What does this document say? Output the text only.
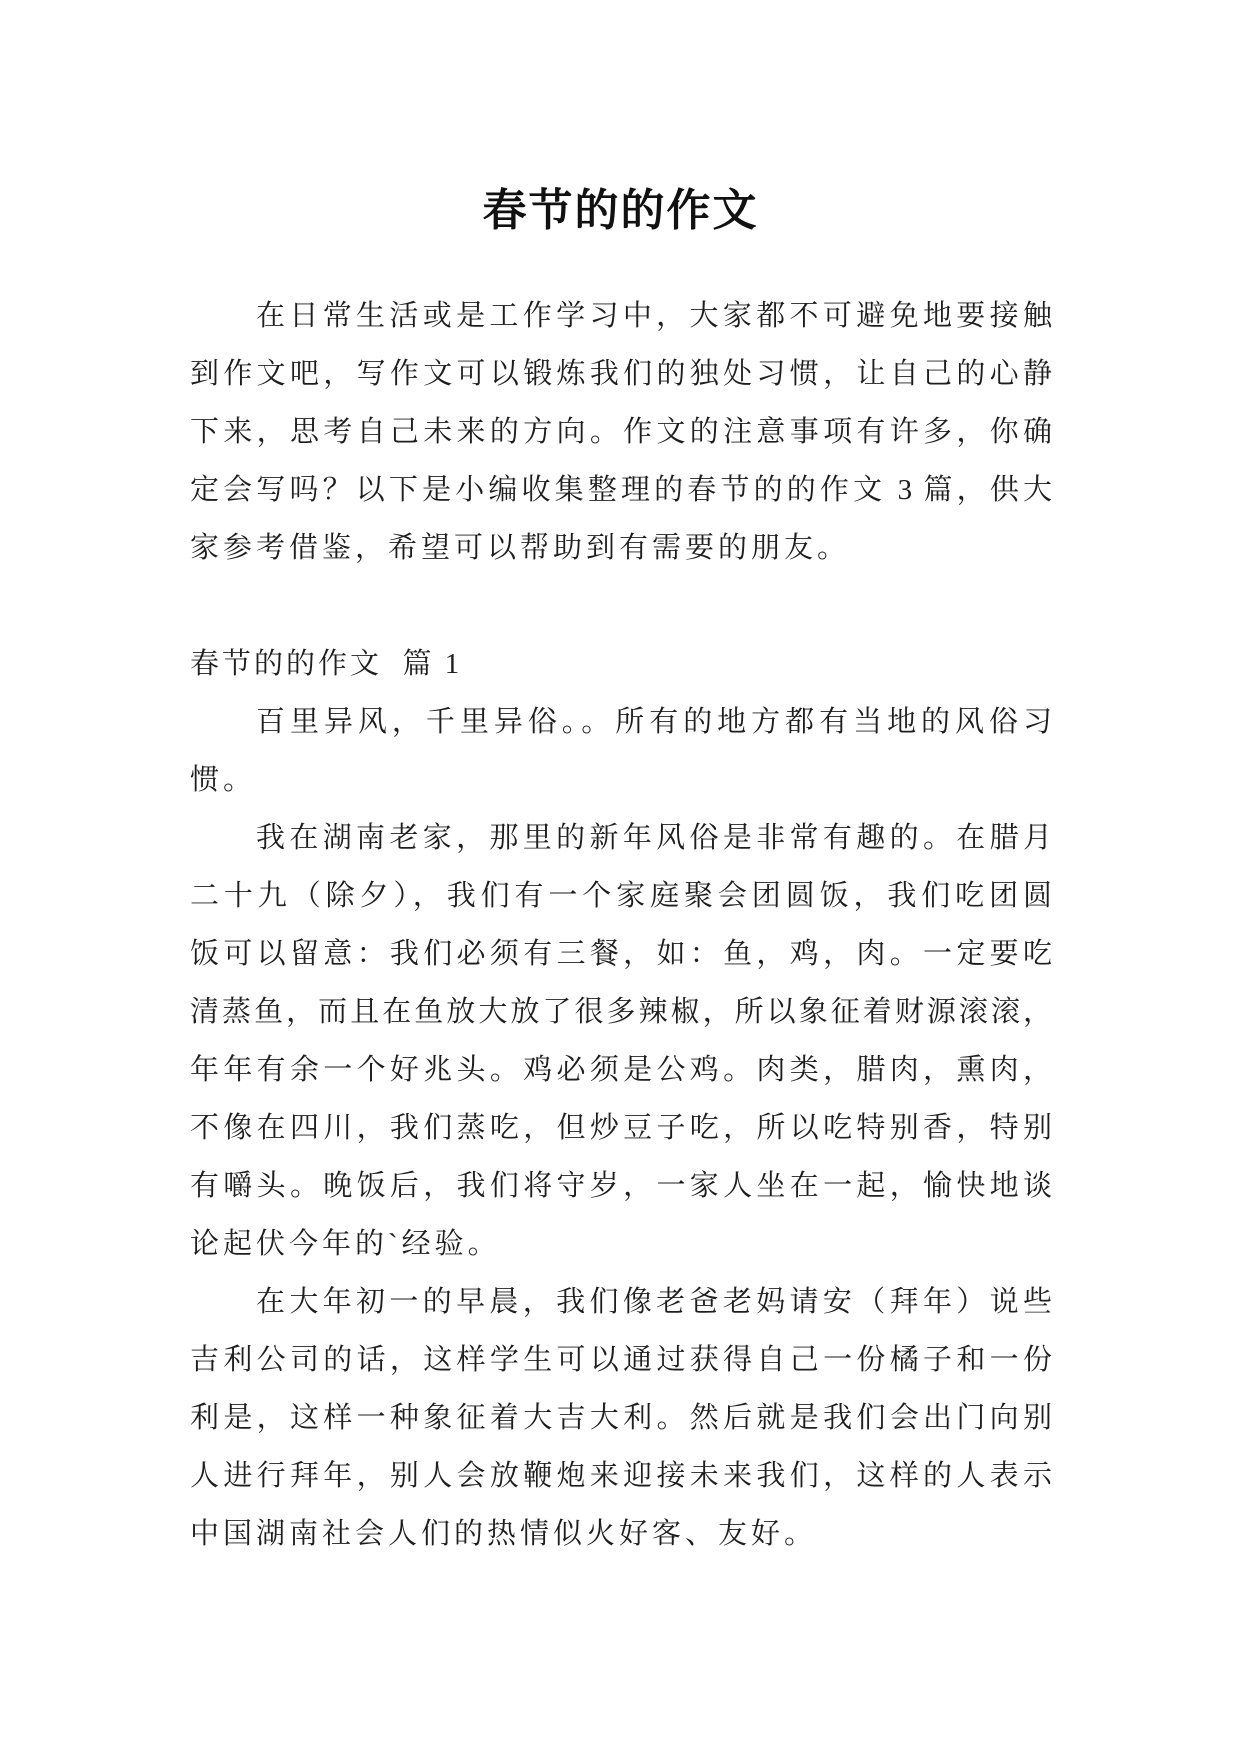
春节的的作文
在日常生活或是工作学习中，大家都不可避免地要接触
到作文吧，写作文可以锻炼我们的独处习惯，让自己的心静
下来，思考自己未来的方向。作文的注意事项有许多，你确
定会写吗？以下是小编收集整理的春节的的作文 3 篇，供大
家参考借鉴，希望可以帮助到有需要的朋友。
春节的的作文  篇 1
百里异风，千里异俗。。所有的地方都有当地的风俗习
惯。
我在湖南老家，那里的新年风俗是非常有趣的。在腊月
二十九（除夕），我们有一个家庭聚会团圆饭，我们吃团圆
饭可以留意：我们必须有三餐，如：鱼，鸡，肉。一定要吃
清蒸鱼，而且在鱼放大放了很多辣椒，所以象征着财源滚滚，
年年有余一个好兆头。鸡必须是公鸡。肉类，腊肉，熏肉，
不像在四川，我们蒸吃，但炒豆子吃，所以吃特别香，特别
有嚼头。晚饭后，我们将守岁，一家人坐在一起，愉快地谈
论起伏今年的`经验。
在大年初一的早晨，我们像老爸老妈请安（拜年）说些
吉利公司的话，这样学生可以通过获得自己一份橘子和一份
利是，这样一种象征着大吉大利。然后就是我们会出门向别
人进行拜年，别人会放鞭炮来迎接未来我们，这样的人表示
中国湖南社会人们的热情似火好客、友好。
